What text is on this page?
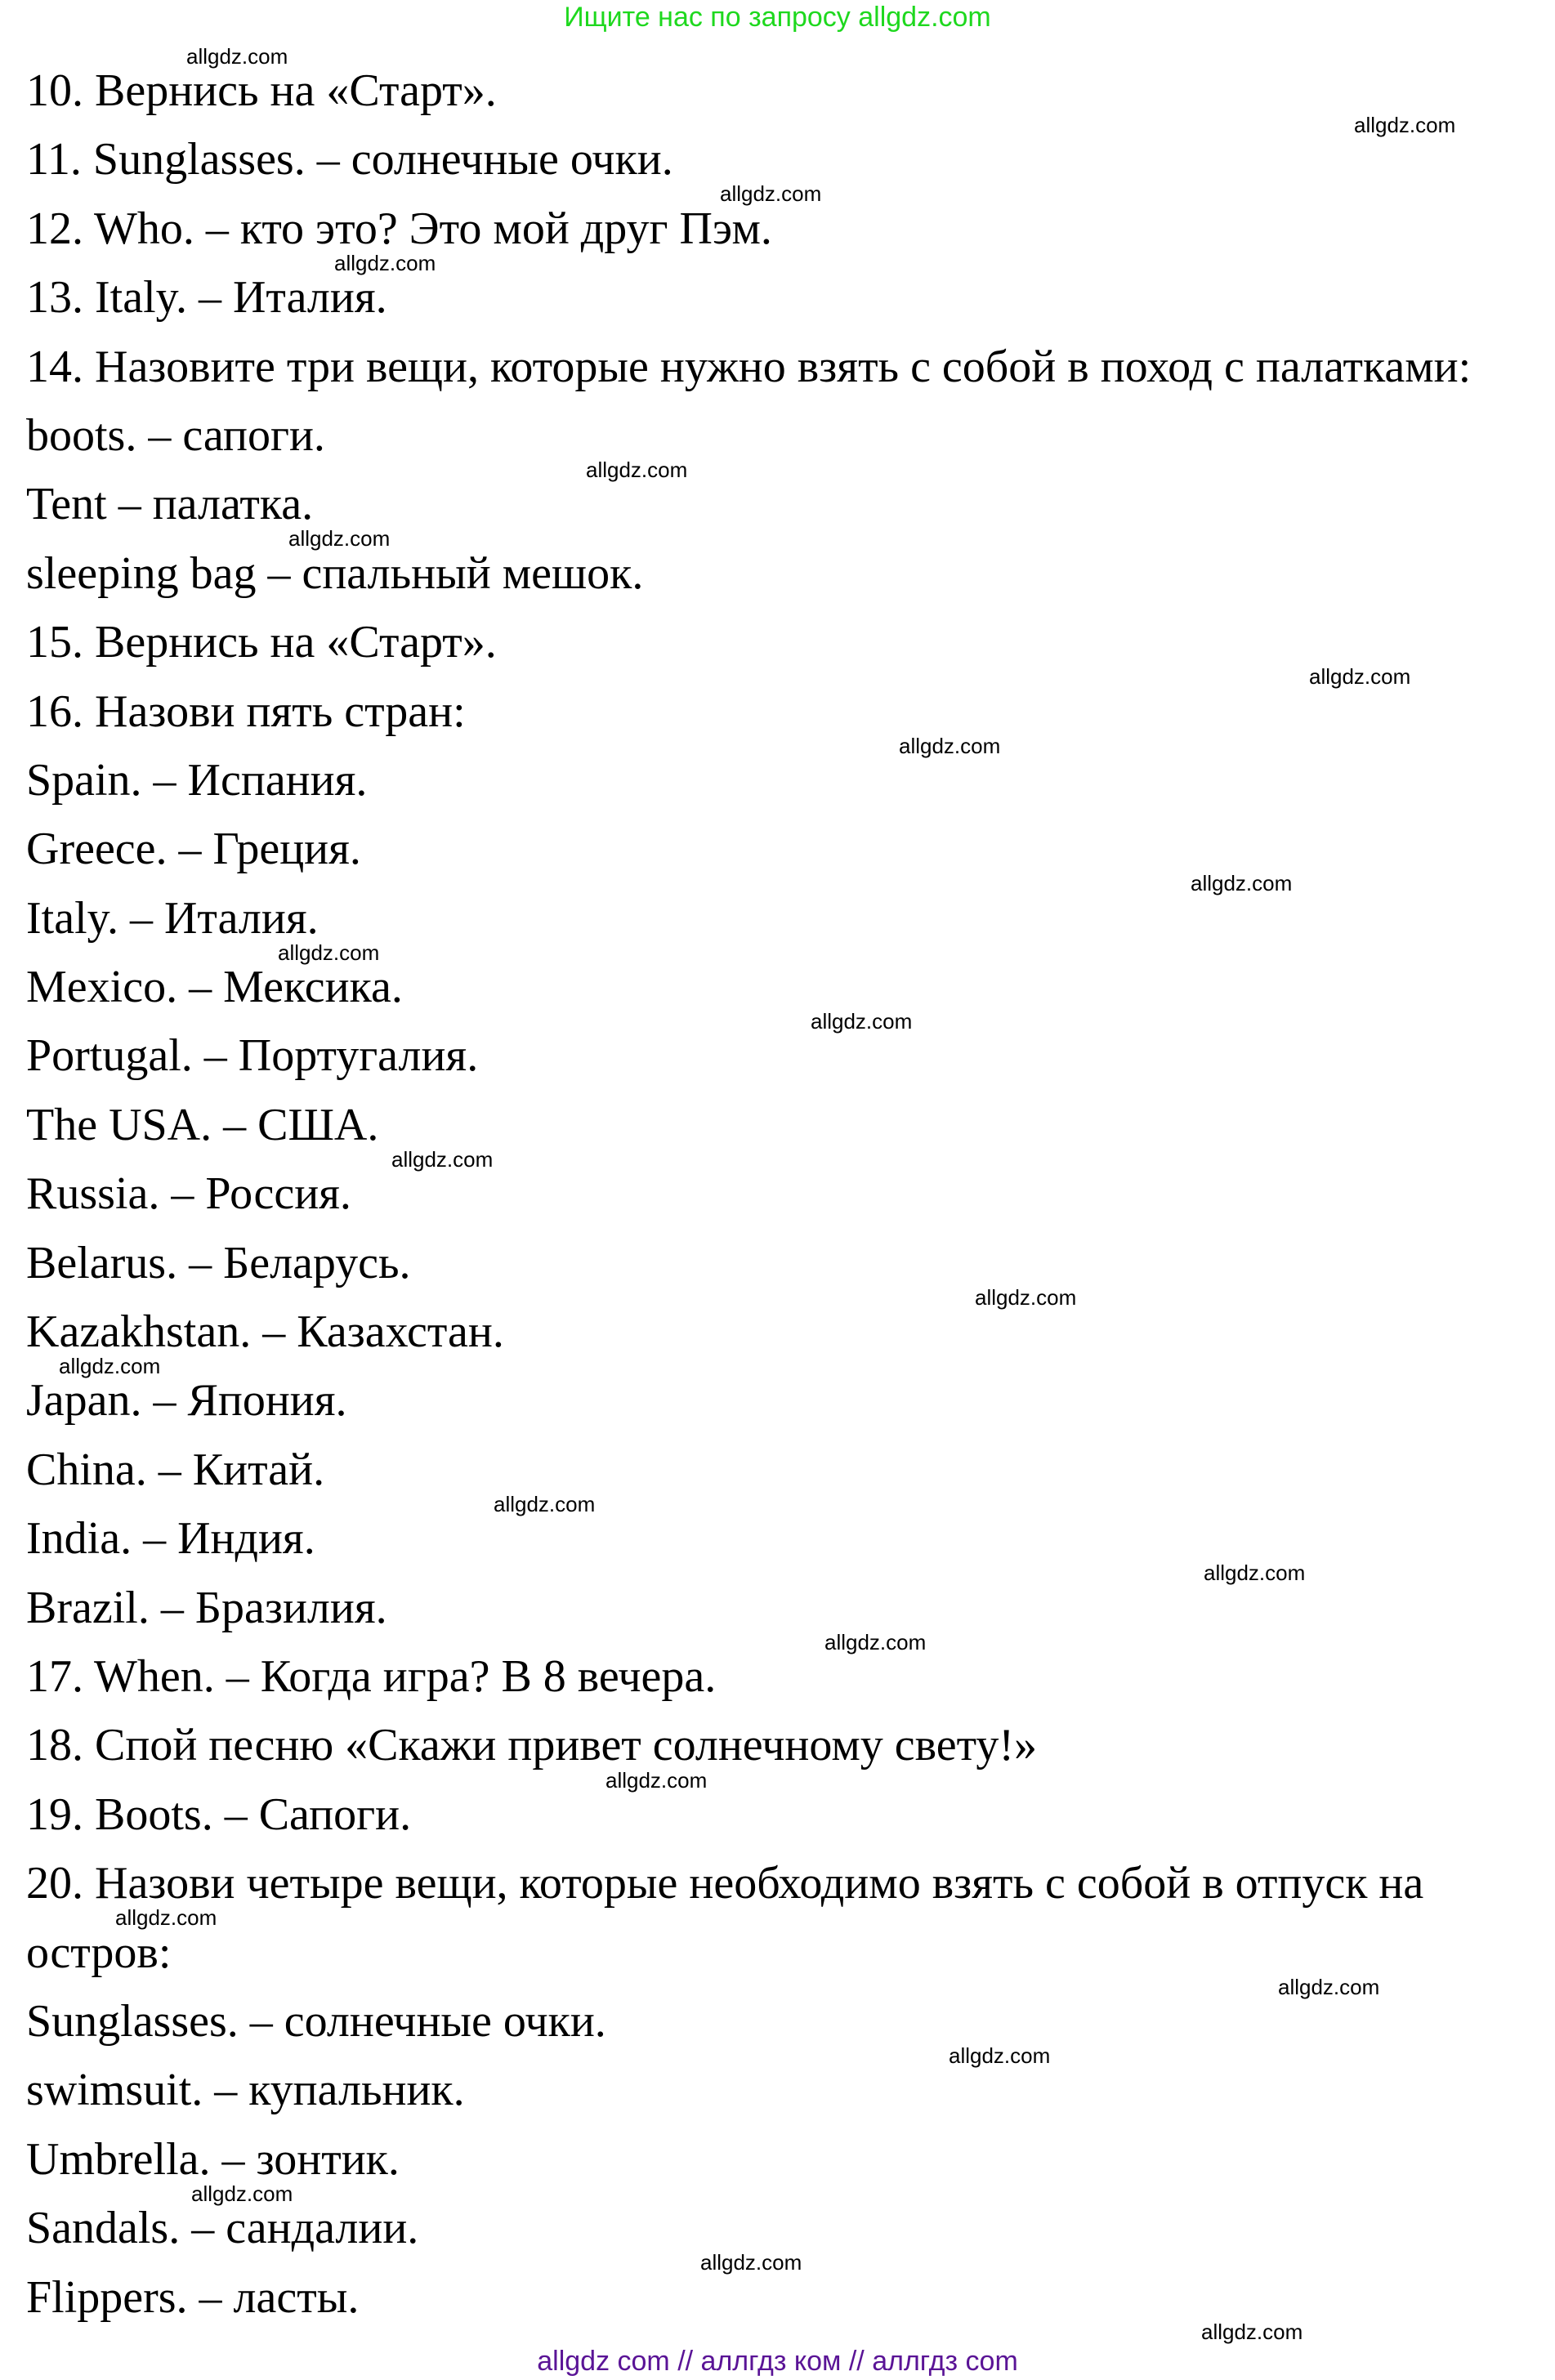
Ищите нас по запросу allgdz.com
10. Вернись на «Старт».
11. Sunglasses. – солнечные очки.
12. Who. – кто это? Это мой друг Пэм.
13. Italy. – Италия.
14. Назовите три вещи, которые нужно взять с собой в поход с палатками:
boots. – сапоги.
Tent – палатка.
sleeping bag – спальный мешок.
15. Вернись на «Старт».
16. Назови пять стран:
Spain. – Испания.
Greece. – Греция.
Italy. – Италия.
Mexico. – Мексика.
Portugal. – Португалия.
The USA. – США.
Russia. – Россия.
Belarus. – Беларусь.
Kazakhstan. – Казахстан.
Japan. – Япония.
China. – Китай.
India. – Индия.
Brazil. – Бразилия.
17. When. – Когда игра? В 8 вечера.
18. Спой песню «Скажи привет солнечному свету!»
19. Boots. – Сапоги.
20. Назови четыре вещи, которые необходимо взять с собой в отпуск на
остров:
Sunglasses. – солнечные очки.
swimsuit. – купальник.
Umbrella. – зонтик.
Sandals. – сандалии.
Flippers. – ласты.
allgdz.com
allgdz.com
allgdz.com
allgdz.com
allgdz.com
allgdz.com
allgdz.com
allgdz.com
allgdz.com
allgdz.com
allgdz.com
allgdz.com
allgdz.com
allgdz.com
allgdz.com
allgdz.com
allgdz.com
allgdz.com
allgdz.com
allgdz.com
allgdz.com
allgdz.com
allgdz.com
allgdz.com
allgdz com // аллгдз ком // аллгдз com
